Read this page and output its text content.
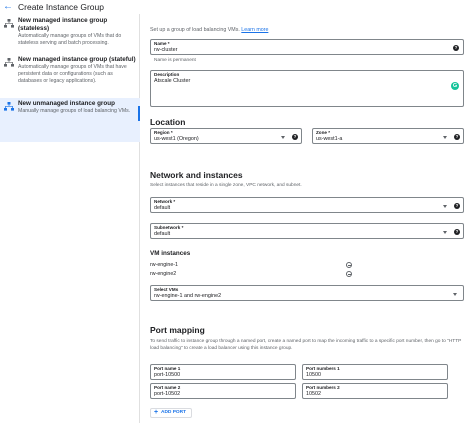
← Create Instance Group
New managed instance group (stateless)
Automatically manage groups of VMs that do stateless serving and batch processing.
New managed instance group (stateful)
Automatically manage groups of VMs that have persistent data or configurations (such as databases or legacy applications).
New unmanaged instance group
Manually manage groups of load balancing VMs.
Set up a group of load balancing VMs. Learn more
Name *
rw-cluster	?
Name is permanent
Description
Atscale Cluster
G
Location
Region *
us-west1 (Oregon)	?
Zone *
us-west1-a	?
Network and instances
Select instances that reside in a single zone, VPC network, and subnet.
Network *
default	?
Subnetwork *
default	?
VM instances
rw-engine-1
rw-engine2
Select VMs
rw-engine-1 and rw-engine2
Port mapping
To send traffic to instance group through a named port, create a named port to map the incoming traffic to a specific port number, then go to "HTTP load balancing" to create a load balancer using this instance group.
Port name 1
port-10500
Port numbers 1
10500
Port name 2
port-10502
Port numbers 2
10502
+ ADD PORT
